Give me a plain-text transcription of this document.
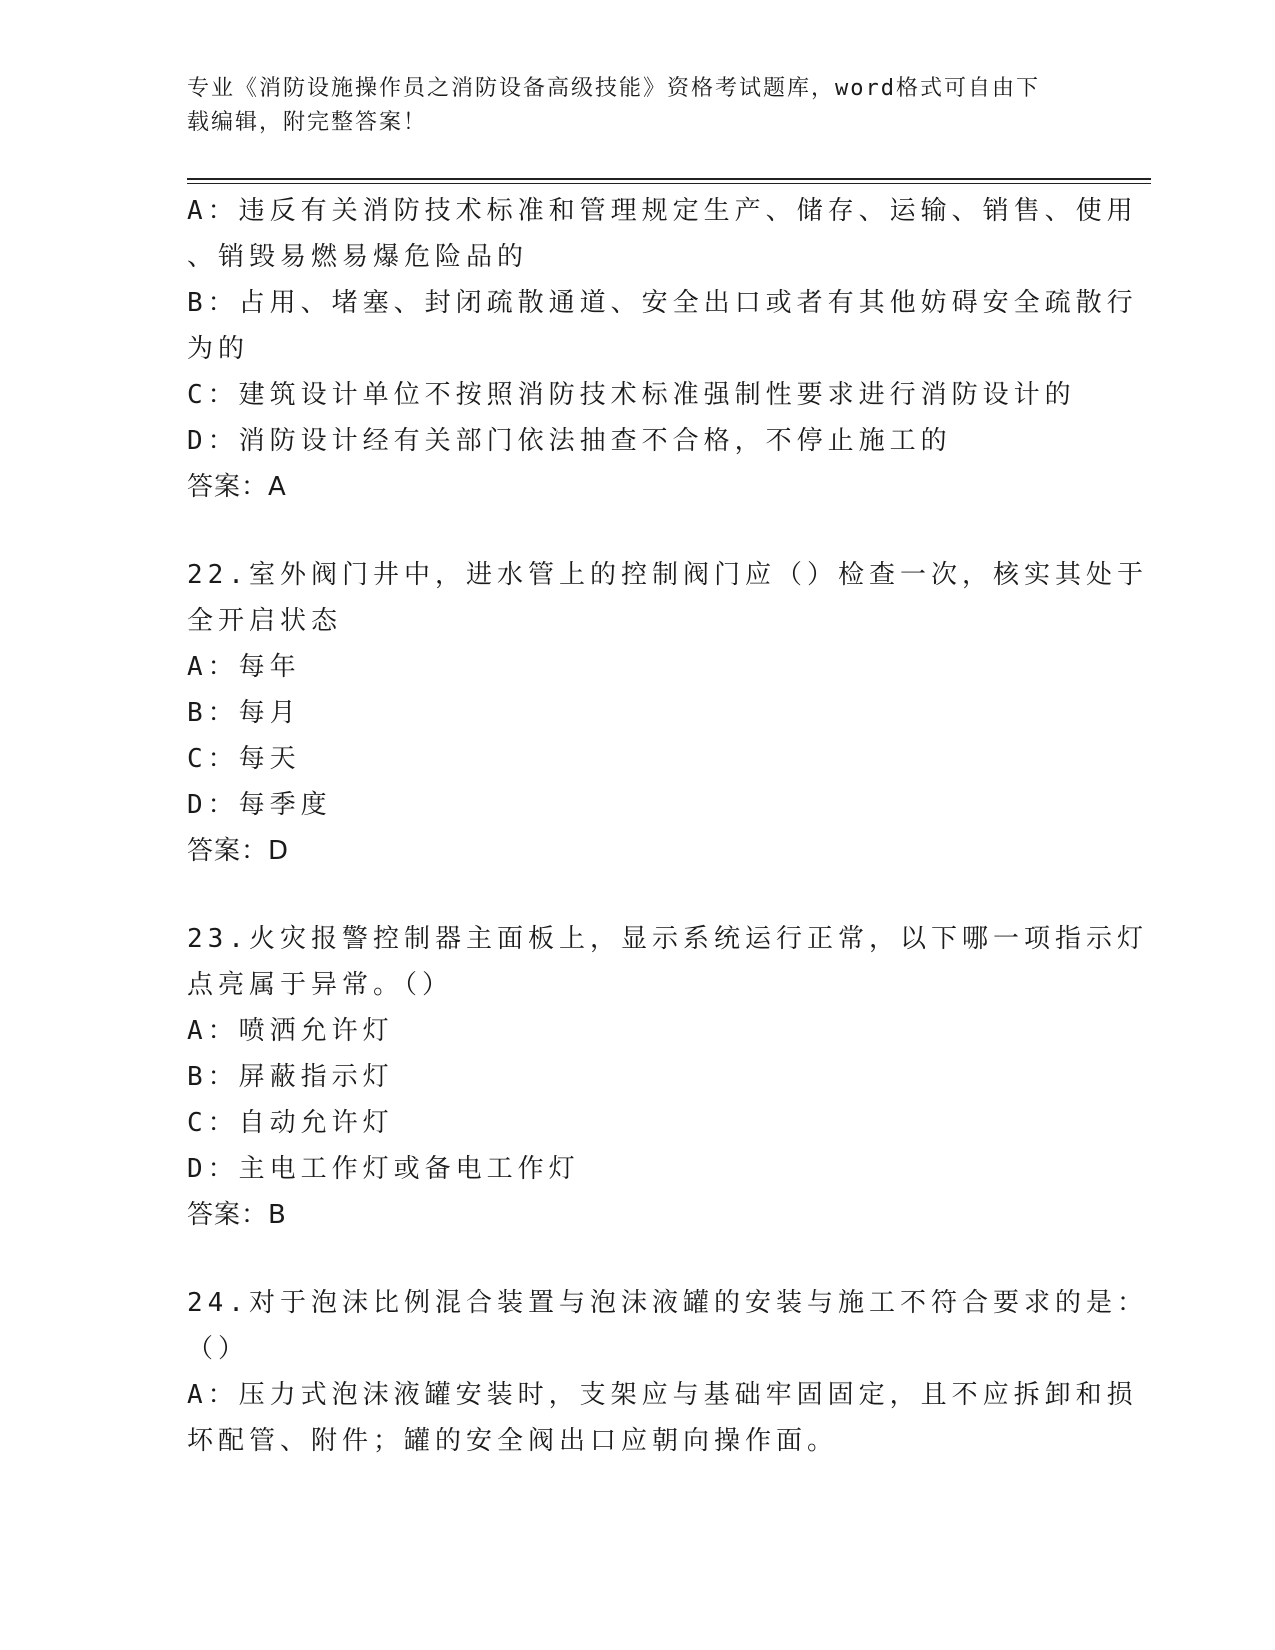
专业《消防设施操作员之消防设备高级技能》资格考试题库，word格式可自由下
载编辑，附完整答案！
A：违反有关消防技术标准和管理规定生产、储存、运输、销售、使用
、销毁易燃易爆危险品的
B：占用、堵塞、封闭疏散通道、安全出口或者有其他妨碍安全疏散行
为的
C：建筑设计单位不按照消防技术标准强制性要求进行消防设计的
D：消防设计经有关部门依法抽查不合格，不停止施工的
答案：A
22.室外阀门井中，进水管上的控制阀门应（）检查一次，核实其处于
全开启状态
A：每年
B：每月
C：每天
D：每季度
答案：D
23.火灾报警控制器主面板上，显示系统运行正常，以下哪一项指示灯
点亮属于异常。（）
A：喷洒允许灯
B：屏蔽指示灯
C：自动允许灯
D：主电工作灯或备电工作灯
答案：B
24.对于泡沫比例混合装置与泡沫液罐的安装与施工不符合要求的是：
（）
A：压力式泡沫液罐安装时，支架应与基础牢固固定，且不应拆卸和损
坏配管、附件；罐的安全阀出口应朝向操作面。
